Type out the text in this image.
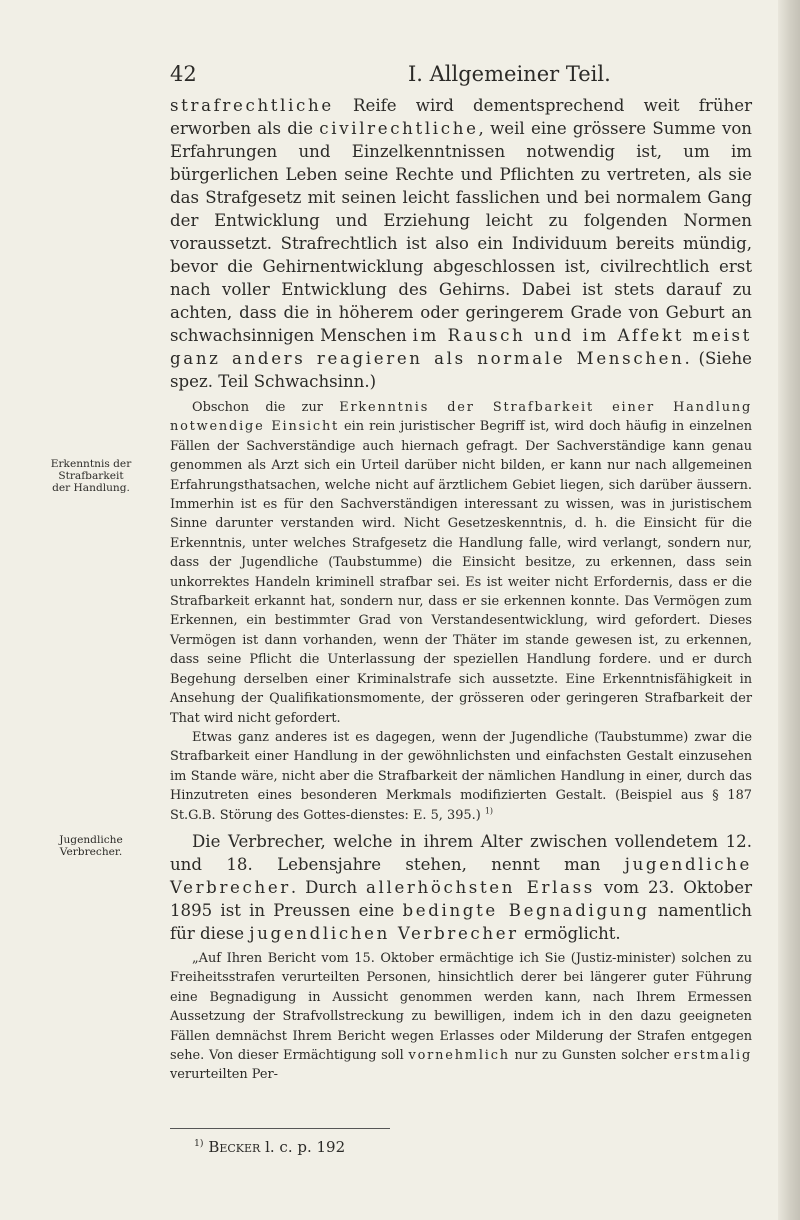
42	I. Allgemeiner Teil.
Erkenntnis der
Strafbarkeit
der Handlung.
Jugendliche
Verbrecher.

strafrechtliche Reife wird dementsprechend weit früher erworben als die civilrechtliche, weil eine grössere Summe von Erfahrungen und Einzelkenntnissen notwendig ist, um im bürgerlichen Leben seine Rechte und Pflichten zu vertreten, als sie das Strafgesetz mit seinen leicht fasslichen und bei normalem Gang der Entwicklung und Erziehung leicht zu folgenden Normen voraussetzt. Strafrechtlich ist also ein Individuum bereits mündig, bevor die Gehirnentwicklung abgeschlossen ist, civilrechtlich erst nach voller Entwicklung des Gehirns. Dabei ist stets darauf zu achten, dass die in höherem oder geringerem Grade von Geburt an schwachsinnigen Menschen im Rausch und im Affekt meist ganz anders reagieren als normale Menschen. (Siehe spez. Teil Schwachsinn.)

Obschon die zur Erkenntnis der Strafbarkeit einer Handlung notwendige Einsicht ein rein juristischer Begriff ist, wird doch häufig in einzelnen Fällen der Sachverständige auch hiernach gefragt. Der Sachverständige kann genau genommen als Arzt sich ein Urteil darüber nicht bilden, er kann nur nach allgemeinen Erfahrungsthatsachen, welche nicht auf ärztlichem Gebiet liegen, sich darüber äussern. Immerhin ist es für den Sachverständigen interessant zu wissen, was in juristischem Sinne darunter verstanden wird. Nicht Gesetzeskenntnis, d. h. die Einsicht für die Erkenntnis, unter welches Strafgesetz die Handlung falle, wird verlangt, sondern nur, dass der Jugendliche (Taubstumme) die Einsicht besitze, zu erkennen, dass sein unkorrektes Handeln kriminell strafbar sei. Es ist weiter nicht Erfordernis, dass er die Strafbarkeit erkannt hat, sondern nur, dass er sie erkennen konnte. Das Vermögen zum Erkennen, ein bestimmter Grad von Verstandesentwicklung, wird gefordert. Dieses Vermögen ist dann vorhanden, wenn der Thäter im stande gewesen ist, zu erkennen, dass seine Pflicht die Unterlassung der speziellen Handlung fordere. und er durch Begehung derselben einer Kriminalstrafe sich aussetzte. Eine Erkenntnisfähigkeit in Ansehung der Qualifikationsmomente, der grösseren oder geringeren Strafbarkeit der That wird nicht gefordert.

Etwas ganz anderes ist es dagegen, wenn der Jugendliche (Taubstumme) zwar die Strafbarkeit einer Handlung in der gewöhnlichsten und einfachsten Gestalt einzusehen im Stande wäre, nicht aber die Strafbarkeit der nämlichen Handlung in einer, durch das Hinzutreten eines besonderen Merkmals modifizierten Gestalt. (Beispiel aus § 187 St.G.B. Störung des Gottes-dienstes: E. 5, 395.) $^{1)}$

Die Verbrecher, welche in ihrem Alter zwischen vollendetem 12. und 18. Lebensjahre stehen, nennt man jugendliche Verbrecher. Durch allerhöchsten Erlass vom 23. Oktober 1895 ist in Preussen eine bedingte Begnadigung namentlich für diese jugendlichen Verbrecher ermöglicht.

„Auf Ihren Bericht vom 15. Oktober ermächtige ich Sie (Justiz-minister) solchen zu Freiheitsstrafen verurteilten Personen, hinsichtlich derer bei längerer guter Führung eine Begnadigung in Aussicht genommen werden kann, nach Ihrem Ermessen Aussetzung der Strafvollstreckung zu bewilligen, indem ich in den dazu geeigneten Fällen demnächst Ihrem Bericht wegen Erlasses oder Milderung der Strafen entgegen sehe. Von dieser Ermächtigung soll vornehmlich nur zu Gunsten solcher erstmalig verurteilten Per-

$^{1)}$ Becker l. c. p. 192
